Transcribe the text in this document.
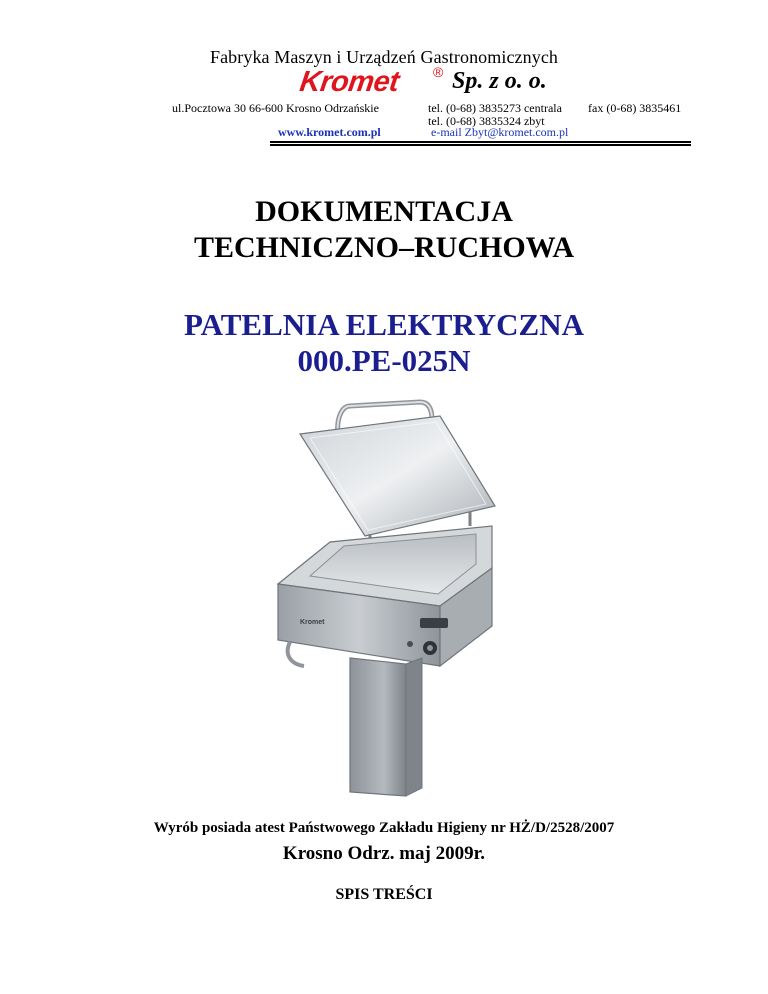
Fabryka Maszyn i Urządzeń Gastronomicznych
Kromet ® Sp. z o. o.
ul.Pocztowa 30 66-600 Krosno Odrzańskie	tel. (0-68) 3835273 centrala fax (0-68) 3835461
tel. (0-68) 3835324 zbyt
www.kromet.com.pl	e-mail Zbyt@kromet.com.pl
DOKUMENTACJA
TECHNICZNO–RUCHOWA
PATELNIA ELEKTRYCZNA
000.PE-025N
Kromet
Wyrób posiada atest Państwowego Zakładu Higieny nr HŻ/D/2528/2007
Krosno Odrz. maj 2009r.
SPIS TREŚCI
